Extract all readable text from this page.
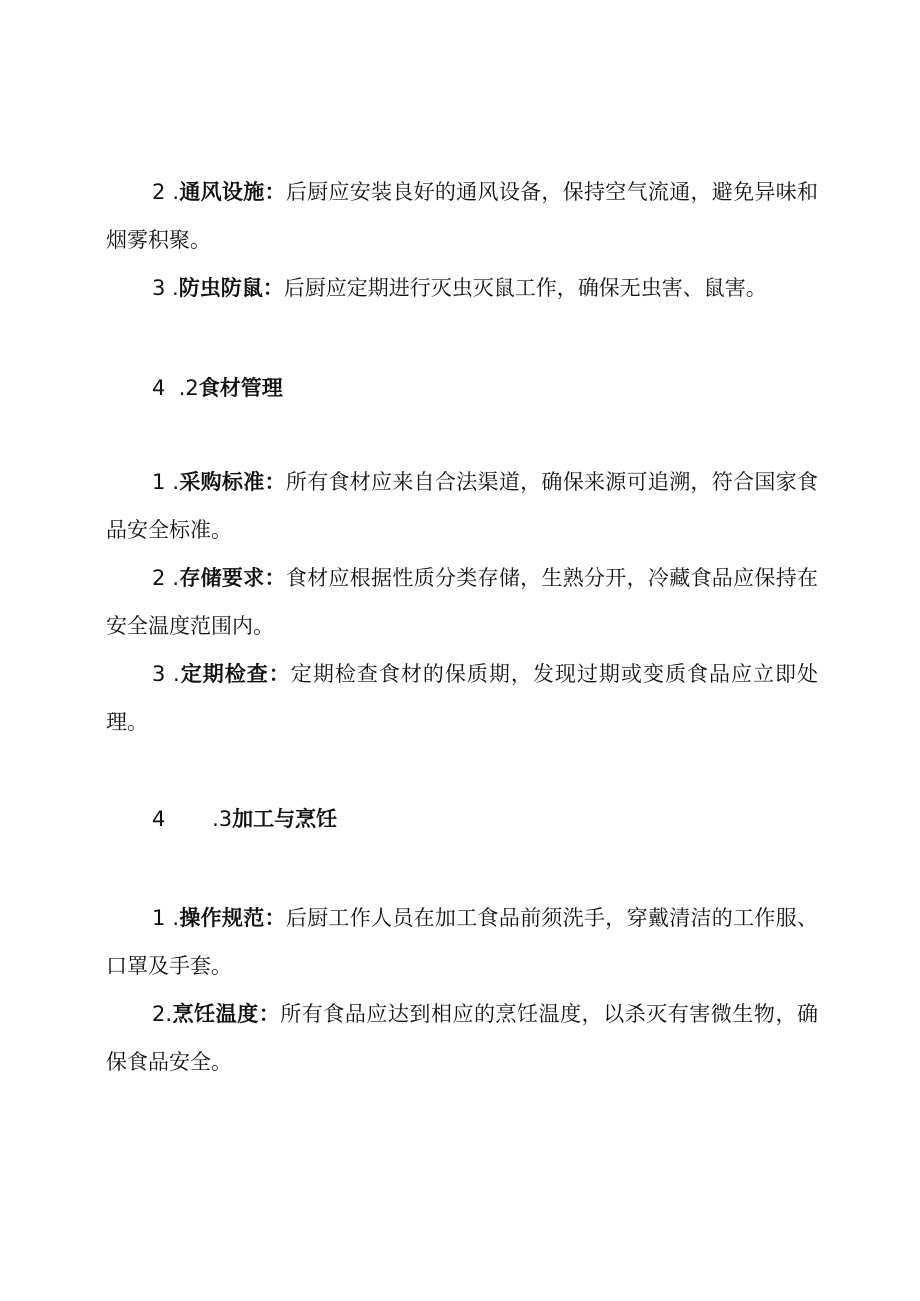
2 .通风设施：后厨应安装良好的通风设备，保持空气流通，避免异味和烟雾积聚。

3 .防虫防鼠：后厨应定期进行灭虫灭鼠工作，确保无虫害、鼠害。

4  .2食材管理

1 .采购标准：所有食材应来自合法渠道，确保来源可追溯，符合国家食品安全标准。

2 .存储要求：食材应根据性质分类存储，生熟分开，冷藏食品应保持在安全温度范围内。

3 .定期检查：定期检查食材的保质期，发现过期或变质食品应立即处理。

4       .3加工与烹饪

1 .操作规范：后厨工作人员在加工食品前须洗手，穿戴清洁的工作服、口罩及手套。

2.烹饪温度：所有食品应达到相应的烹饪温度，以杀灭有害微生物，确保食品安全。
